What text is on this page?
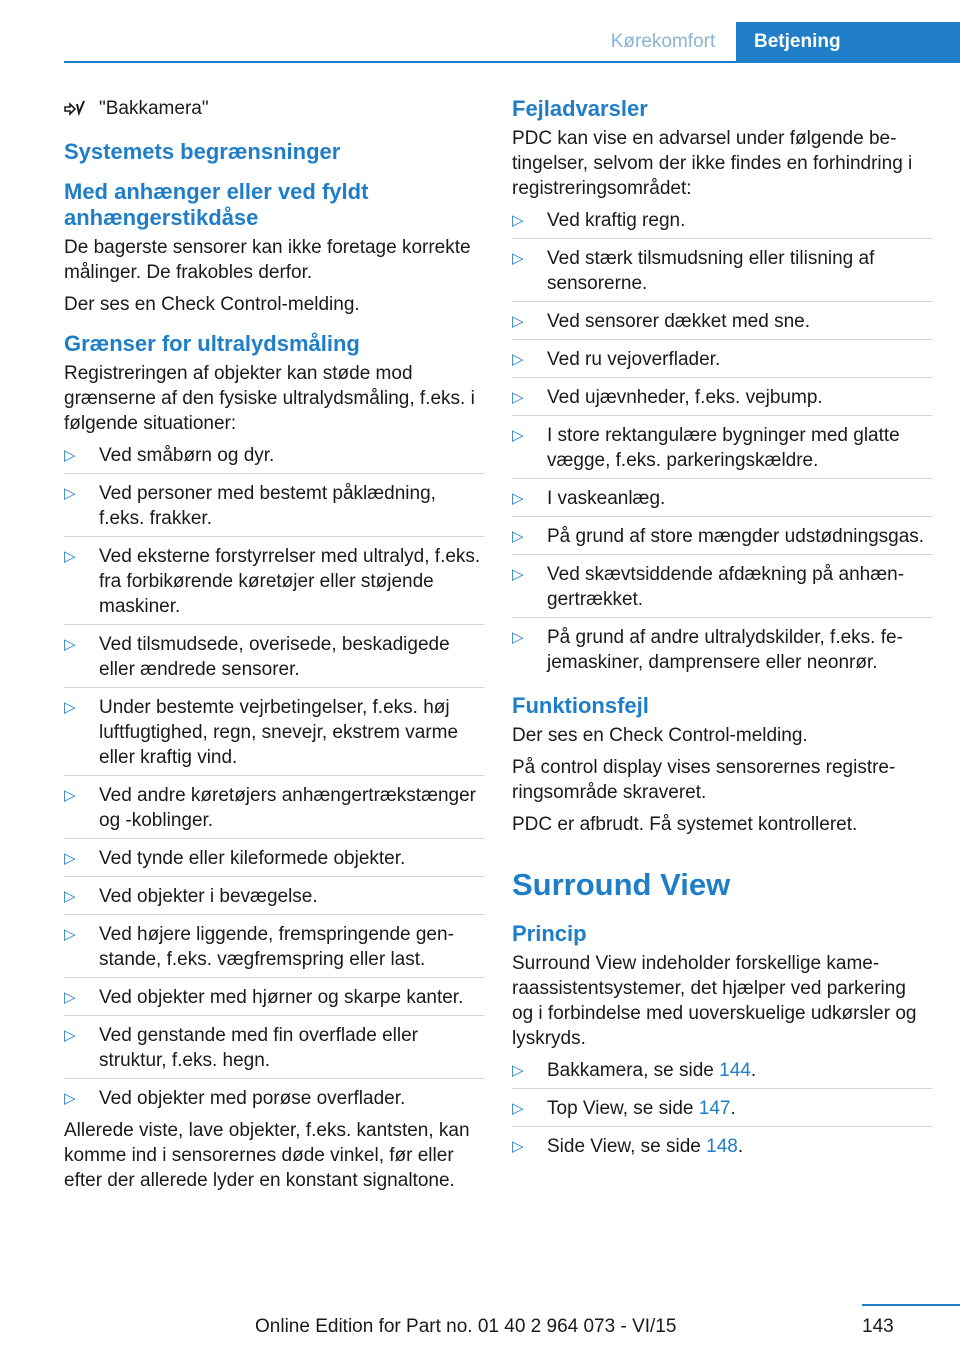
Kørekomfort	Betjening
"Bakkamera"
Systemets begrænsninger
Med anhænger eller ved fyldt anhængerstikdåse

De bagerste sensorer kan ikke foretage korrekte målinger. De frakobles derfor.

Der ses en Check Control-melding.

Grænser for ultralydsmåling

Registreringen af objekter kan støde mod grænserne af den fysiske ultralydsmåling, f.eks. i følgende situationer:

▷ Ved småbørn og dyr.
▷ Ved personer med bestemt påklædning, f.eks. frakker.
▷ Ved eksterne forstyrrelser med ultralyd, f.eks. fra forbikørende køretøjer eller støjende maskiner.
▷ Ved tilsmudsede, overisede, beskadigede eller ændrede sensorer.
▷ Under bestemte vejrbetingelser, f.eks. høj luftfugtighed, regn, snevejr, ekstrem varme eller kraftig vind.
▷ Ved andre køretøjers anhængertrækstænger og -koblinger.
▷ Ved tynde eller kileformede objekter.
▷ Ved objekter i bevægelse.
▷ Ved højere liggende, fremspringende genstande, f.eks. vægfremspring eller last.
▷ Ved objekter med hjørner og skarpe kanter.
▷ Ved genstande med fin overflade eller struktur, f.eks. hegn.
▷ Ved objekter med porøse overflader.

Allerede viste, lave objekter, f.eks. kantsten, kan komme ind i sensorernes døde vinkel, før eller efter der allerede lyder en konstant signaltone.

Fejladvarsler

PDC kan vise en advarsel under følgende betingelser, selvom der ikke findes en forhindring i registreringsområdet:

▷ Ved kraftig regn.
▷ Ved stærk tilsmudsning eller tilisning af sensorerne.
▷ Ved sensorer dækket med sne.
▷ Ved ru vejoverflader.
▷ Ved ujævnheder, f.eks. vejbump.
▷ I store rektangulære bygninger med glatte vægge, f.eks. parkeringskældre.
▷ I vaskeanlæg.
▷ På grund af store mængder udstødningsgas.
▷ Ved skævtsiddende afdækning på anhængertrækket.
▷ På grund af andre ultralydskilder, f.eks. fejemaskiner, damprensere eller neonrør.
Funktionsfejl

Der ses en Check Control-melding.

På control display vises sensorernes registreringsområde skraveret.

PDC er afbrudt. Få systemet kontrolleret.

Surround View
Princip

Surround View indeholder forskellige kameraassistentsystemer, det hjælper ved parkering og i forbindelse med uoverskuelige udkørsler og lyskryds.

▷ Bakkamera, se side 144.
▷ Top View, se side 147.
▷ Side View, se side 148.
143
Online Edition for Part no. 01 40 2 964 073 - VI/15
